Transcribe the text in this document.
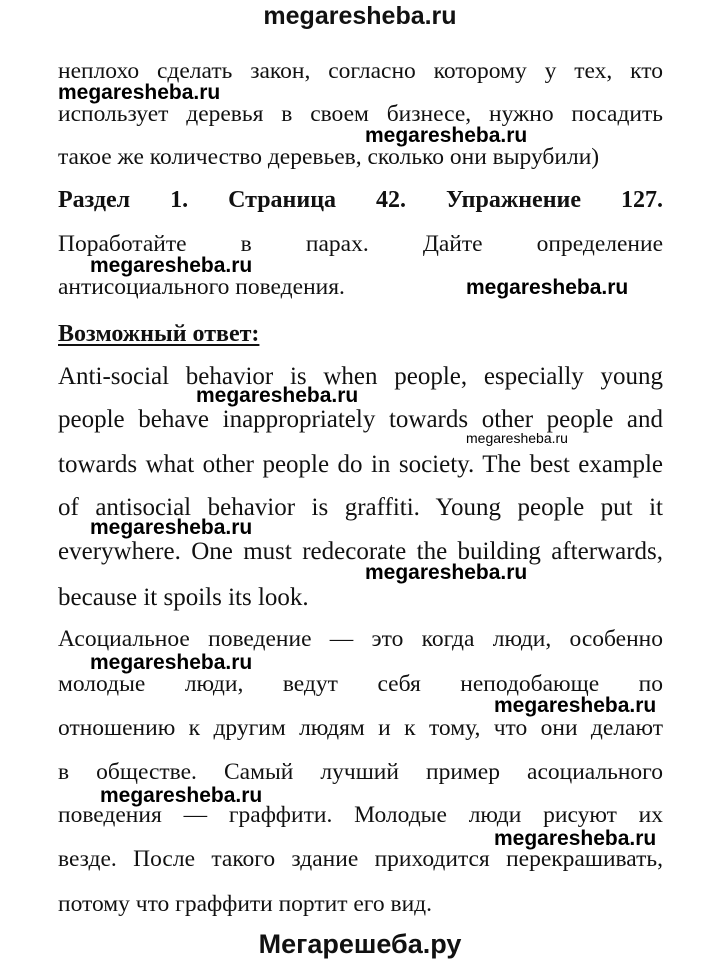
megaresheba.ru
неплохо сделать закон, согласно которому у тех, кто
использует деревья в своем бизнесе, нужно посадить
такое же количество деревьев, сколько они вырубили)
Раздел 1. Страница 42. Упражнение 127.
Поработайте в парах. Дайте определение
антисоциального поведения.
Возможный ответ:
Anti-social behavior is when people, especially young
people behave inappropriately towards other people and
towards what other people do in society. The best example
of antisocial behavior is graffiti. Young people put it
everywhere. One must redecorate the building afterwards,
because it spoils its look.
Асоциальное поведение — это когда люди, особенно
молодые люди, ведут себя неподобающе по
отношению к другим людям и к тому, что они делают
в обществе. Самый лучший пример асоциального
поведения — граффити. Молодые люди рисуют их
везде. После такого здание приходится перекрашивать,
потому что граффити портит его вид.
megaresheba.ru
megaresheba.ru
megaresheba.ru
megaresheba.ru
megaresheba.ru
megaresheba.ru
megaresheba.ru
megaresheba.ru
megaresheba.ru
megaresheba.ru
megaresheba.ru
megaresheba.ru
Мегарешеба.ру
